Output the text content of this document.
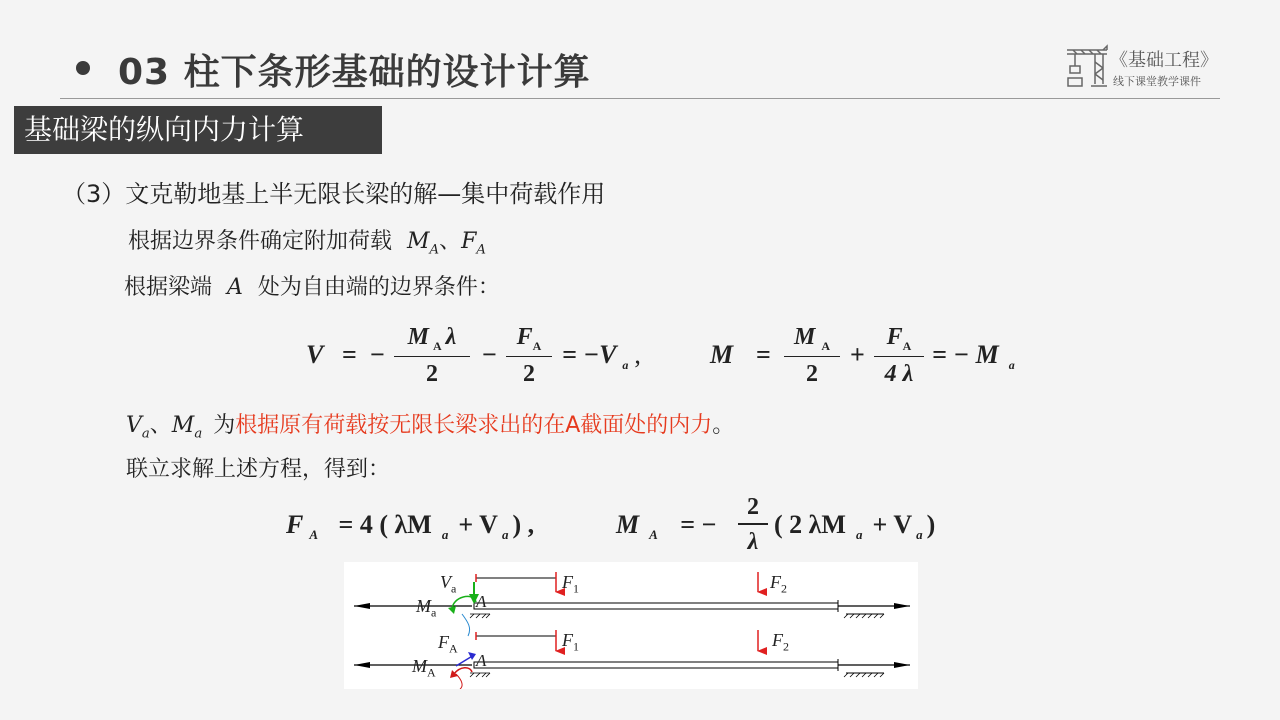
03 柱下条形基础的设计计算	《基础工程》
线下课堂教学课件
基础梁的纵向内力计算
（3）文克勒地基上半无限长梁的解—集中荷载作用
根据边界条件确定附加荷载 $M_A$、$F_A$
根据梁端 A 处为自由端的边界条件：
V = −
M $_A$ λ
2
−
$F_A$
2
= −V $_a$ ,	M =
M $_A$
2
+
$F_A$
4 λ
= − M $_a$
$V_a$、$M_a$ 为根据原有荷载按无限长梁求出的在A截面处的内力。
联立求解上述方程，得到：
F $_A$ = 4 ( λM $_a$ + V $_a$ ) ,	M $_A$ = −
2
λ
( 2 λM $_a$ + V $_a$ )
$V_a$
$M_a$
A
$F_1$	$F_2$
$F_A$
$M_A$
A
$F_1$	$F_2$
